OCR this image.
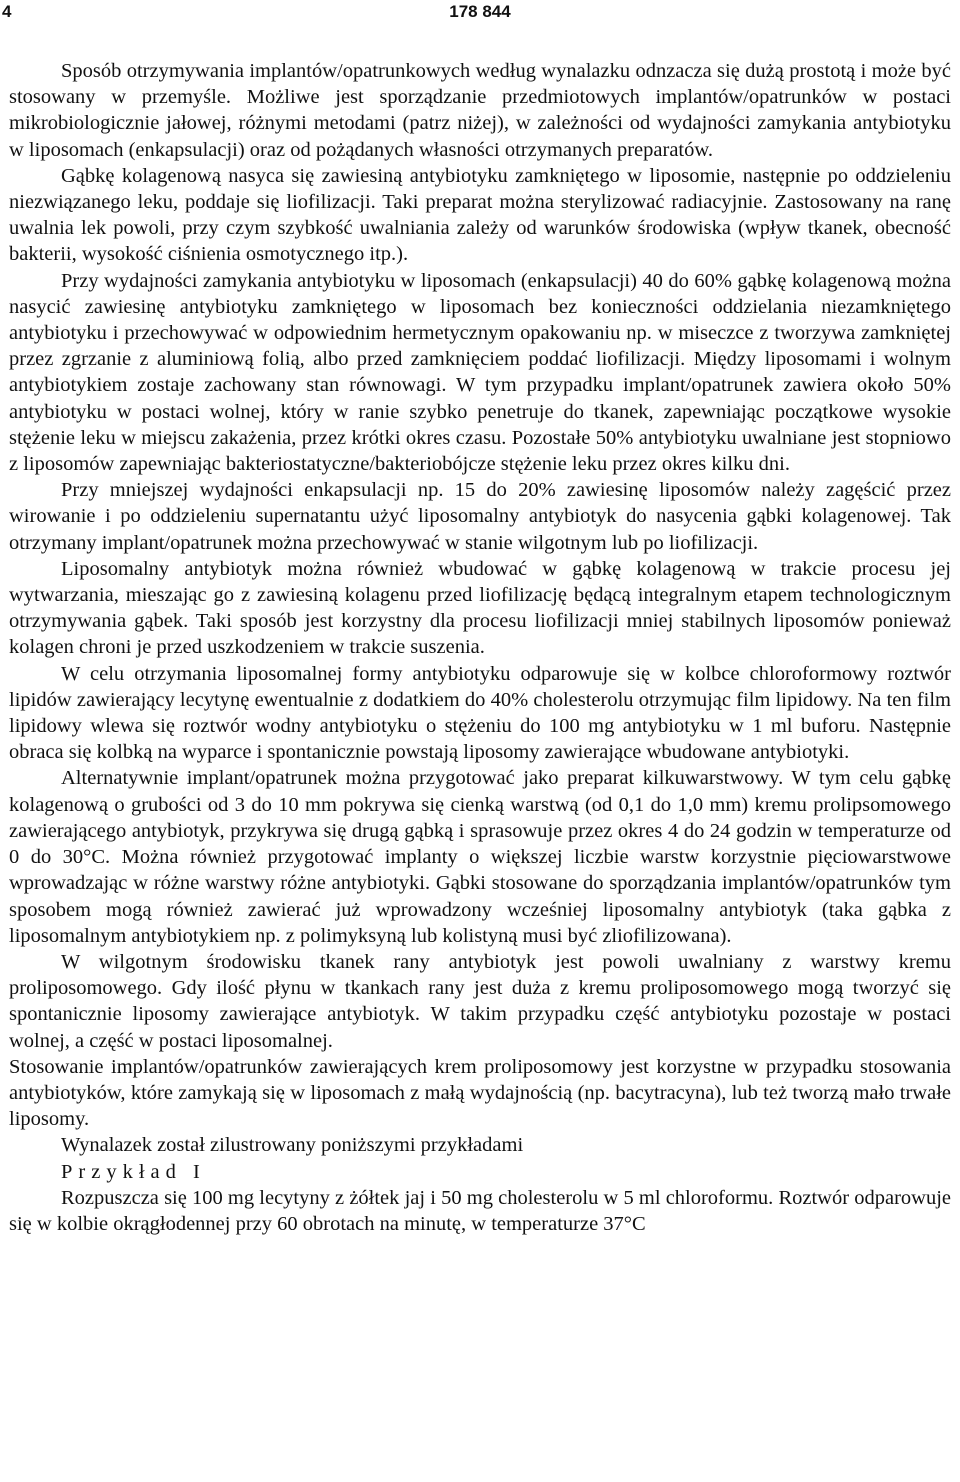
4	178 844

Sposób otrzymywania implantów/opatrunkowych według wynalazku odnzacza się dużą prostotą i może być stosowany w przemyśle. Możliwe jest sporządzanie przedmiotowych implantów/opatrunków w postaci mikrobiologicznie jałowej, różnymi metodami (patrz niżej), w zależności od wydajności zamykania antybiotyku w liposomach (enkapsulacji) oraz od pożądanych własności otrzymanych preparatów.

Gąbkę kolagenową nasyca się zawiesiną antybiotyku zamkniętego w liposomie, następnie po oddzieleniu niezwiązanego leku, poddaje się liofilizacji. Taki preparat można sterylizować radiacyjnie. Zastosowany na ranę uwalnia lek powoli, przy czym szybkość uwalniania zależy od warunków środowiska (wpływ tkanek, obecność bakterii, wysokość ciśnienia osmotycznego itp.).

Przy wydajności zamykania antybiotyku w liposomach (enkapsulacji) 40 do 60% gąbkę kolagenową można nasycić zawiesinę antybiotyku zamkniętego w liposomach bez konieczności oddzielania niezamkniętego antybiotyku i przechowywać w odpowiednim hermetycznym opakowaniu np. w miseczce z tworzywa zamkniętej przez zgrzanie z aluminiową folią, albo przed zamknięciem poddać liofilizacji. Między liposomami i wolnym antybiotykiem zostaje zachowany stan równowagi. W tym przypadku implant/opatrunek zawiera około 50% antybiotyku w postaci wolnej, który w ranie szybko penetruje do tkanek, zapewniając początkowe wysokie stężenie leku w miejscu zakażenia, przez krótki okres czasu. Pozostałe 50% antybiotyku uwalniane jest stopniowo z liposomów zapewniając bakteriostatyczne/bakteriobójcze stężenie leku przez okres kilku dni.

Przy mniejszej wydajności enkapsulacji np. 15 do 20% zawiesinę liposomów należy zagęścić przez wirowanie i po oddzieleniu supernatantu użyć liposomalny antybiotyk do nasycenia gąbki kolagenowej. Tak otrzymany implant/opatrunek można przechowywać w stanie wilgotnym lub po liofilizacji.

Liposomalny antybiotyk można również wbudować w gąbkę kolagenową w trakcie procesu jej wytwarzania, mieszając go z zawiesiną kolagenu przed liofilizację będącą integralnym etapem technologicznym otrzymywania gąbek. Taki sposób jest korzystny dla procesu liofilizacji mniej stabilnych liposomów ponieważ kolagen chroni je przed uszkodzeniem w trakcie suszenia.

W celu otrzymania liposomalnej formy antybiotyku odparowuje się w kolbce chloroformowy roztwór lipidów zawierający lecytynę ewentualnie z dodatkiem do 40% cholesterolu otrzymując film lipidowy. Na ten film lipidowy wlewa się roztwór wodny antybiotyku o stężeniu do 100 mg antybiotyku w 1 ml buforu. Następnie obraca się kolbką na wyparce i spontanicznie powstają liposomy zawierające wbudowane antybiotyki.

Alternatywnie implant/opatrunek można przygotować jako preparat kilkuwarstwowy. W tym celu gąbkę kolagenową o grubości od 3 do 10 mm pokrywa się cienką warstwą (od 0,1 do 1,0 mm) kremu prolipsomowego zawierającego antybiotyk, przykrywa się drugą gąbką i sprasowuje przez okres 4 do 24 godzin w temperaturze od 0 do 30°C. Można również przygotować implanty o większej liczbie warstw korzystnie pięciowarstwowe wprowadzając w różne warstwy różne antybiotyki. Gąbki stosowane do sporządzania implantów/opatrunków tym sposobem mogą również zawierać już wprowadzony wcześniej liposomalny antybiotyk (taka gąbka z liposomalnym antybiotykiem np. z polimyksyną lub kolistyną musi być zliofilizowana).

W wilgotnym środowisku tkanek rany antybiotyk jest powoli uwalniany z warstwy kremu proliposomowego. Gdy ilość płynu w tkankach rany jest duża z kremu proliposomowego mogą tworzyć się spontanicznie liposomy zawierające antybiotyk. W takim przypadku część antybiotyku pozostaje w postaci wolnej, a część w postaci liposomalnej.

Stosowanie implantów/opatrunków zawierających krem proliposomowy jest korzystne w przypadku stosowania antybiotyków, które zamykają się w liposomach z małą wydajnością (np. bacytracyna), lub też tworzą mało trwałe liposomy.

Wynalazek został zilustrowany poniższymi przykładami

Przykład I

Rozpuszcza się 100 mg lecytyny z żółtek jaj i 50 mg cholesterolu w 5 ml chloroformu. Roztwór odparowuje się w kolbie okrągłodennej przy 60 obrotach na minutę, w temperaturze 37°C
